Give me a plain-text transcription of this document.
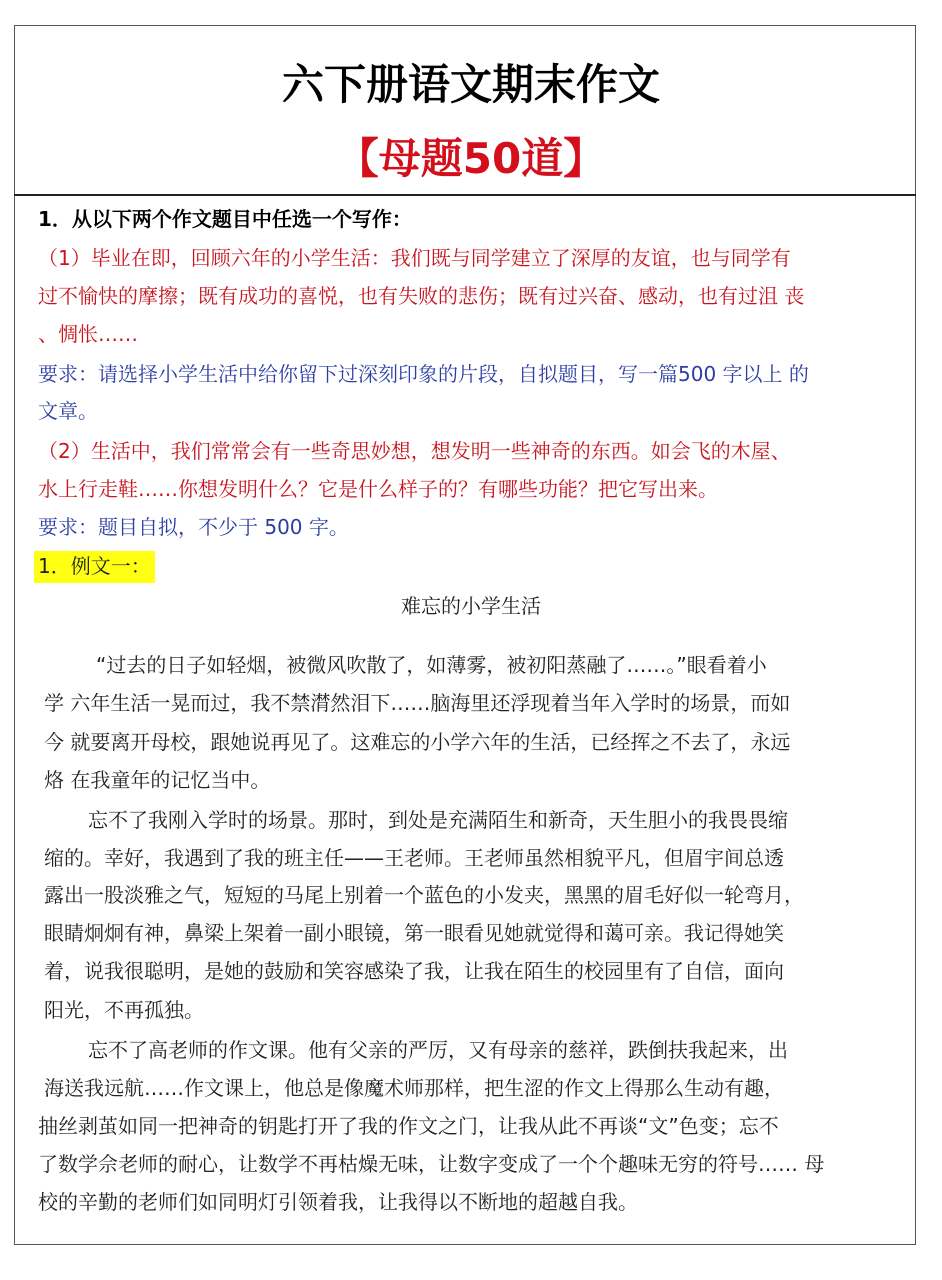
六下册语文期末作文
【母题50道】
1．从以下两个作文题目中任选一个写作：
（1）毕业在即，回顾六年的小学生活：我们既与同学建立了深厚的友谊，也与同学有
过不愉快的摩擦；既有成功的喜悦，也有失败的悲伤；既有过兴奋、感动，也有过沮 丧
、惆怅……
要求：请选择小学生活中给你留下过深刻印象的片段，自拟题目，写一篇500 字以上 的
文章。
（2）生活中，我们常常会有一些奇思妙想，想发明一些神奇的东西。如会飞的木屋、
水上行走鞋……你想发明什么？它是什么样子的？有哪些功能？把它写出来。
要求：题目自拟，不少于 500 字。
1．例文一：
难忘的小学生活
“过去的日子如轻烟，被微风吹散了，如薄雾，被初阳蒸融了……。”眼看着小
学 六年生活一晃而过，我不禁潸然泪下……脑海里还浮现着当年入学时的场景，而如
今 就要离开母校，跟她说再见了。这难忘的小学六年的生活，已经挥之不去了，永远
烙 在我童年的记忆当中。
忘不了我刚入学时的场景。那时，到处是充满陌生和新奇，天生胆小的我畏畏缩
缩的。幸好，我遇到了我的班主任——王老师。王老师虽然相貌平凡，但眉宇间总透
露出一股淡雅之气，短短的马尾上别着一个蓝色的小发夹，黑黑的眉毛好似一轮弯月，
眼睛炯炯有神，鼻梁上架着一副小眼镜，第一眼看见她就觉得和蔼可亲。我记得她笑
着，说我很聪明，是她的鼓励和笑容感染了我，让我在陌生的校园里有了自信，面向
阳光，不再孤独。
忘不了高老师的作文课。他有父亲的严厉，又有母亲的慈祥，跌倒扶我起来，出
海送我远航……作文课上，他总是像魔术师那样，把生涩的作文上得那么生动有趣，
抽丝剥茧如同一把神奇的钥匙打开了我的作文之门，让我从此不再谈“文”色变；忘不
了数学佘老师的耐心，让数学不再枯燥无味，让数字变成了一个个趣味无穷的符号…… 母
校的辛勤的老师们如同明灯引领着我，让我得以不断地的超越自我。
